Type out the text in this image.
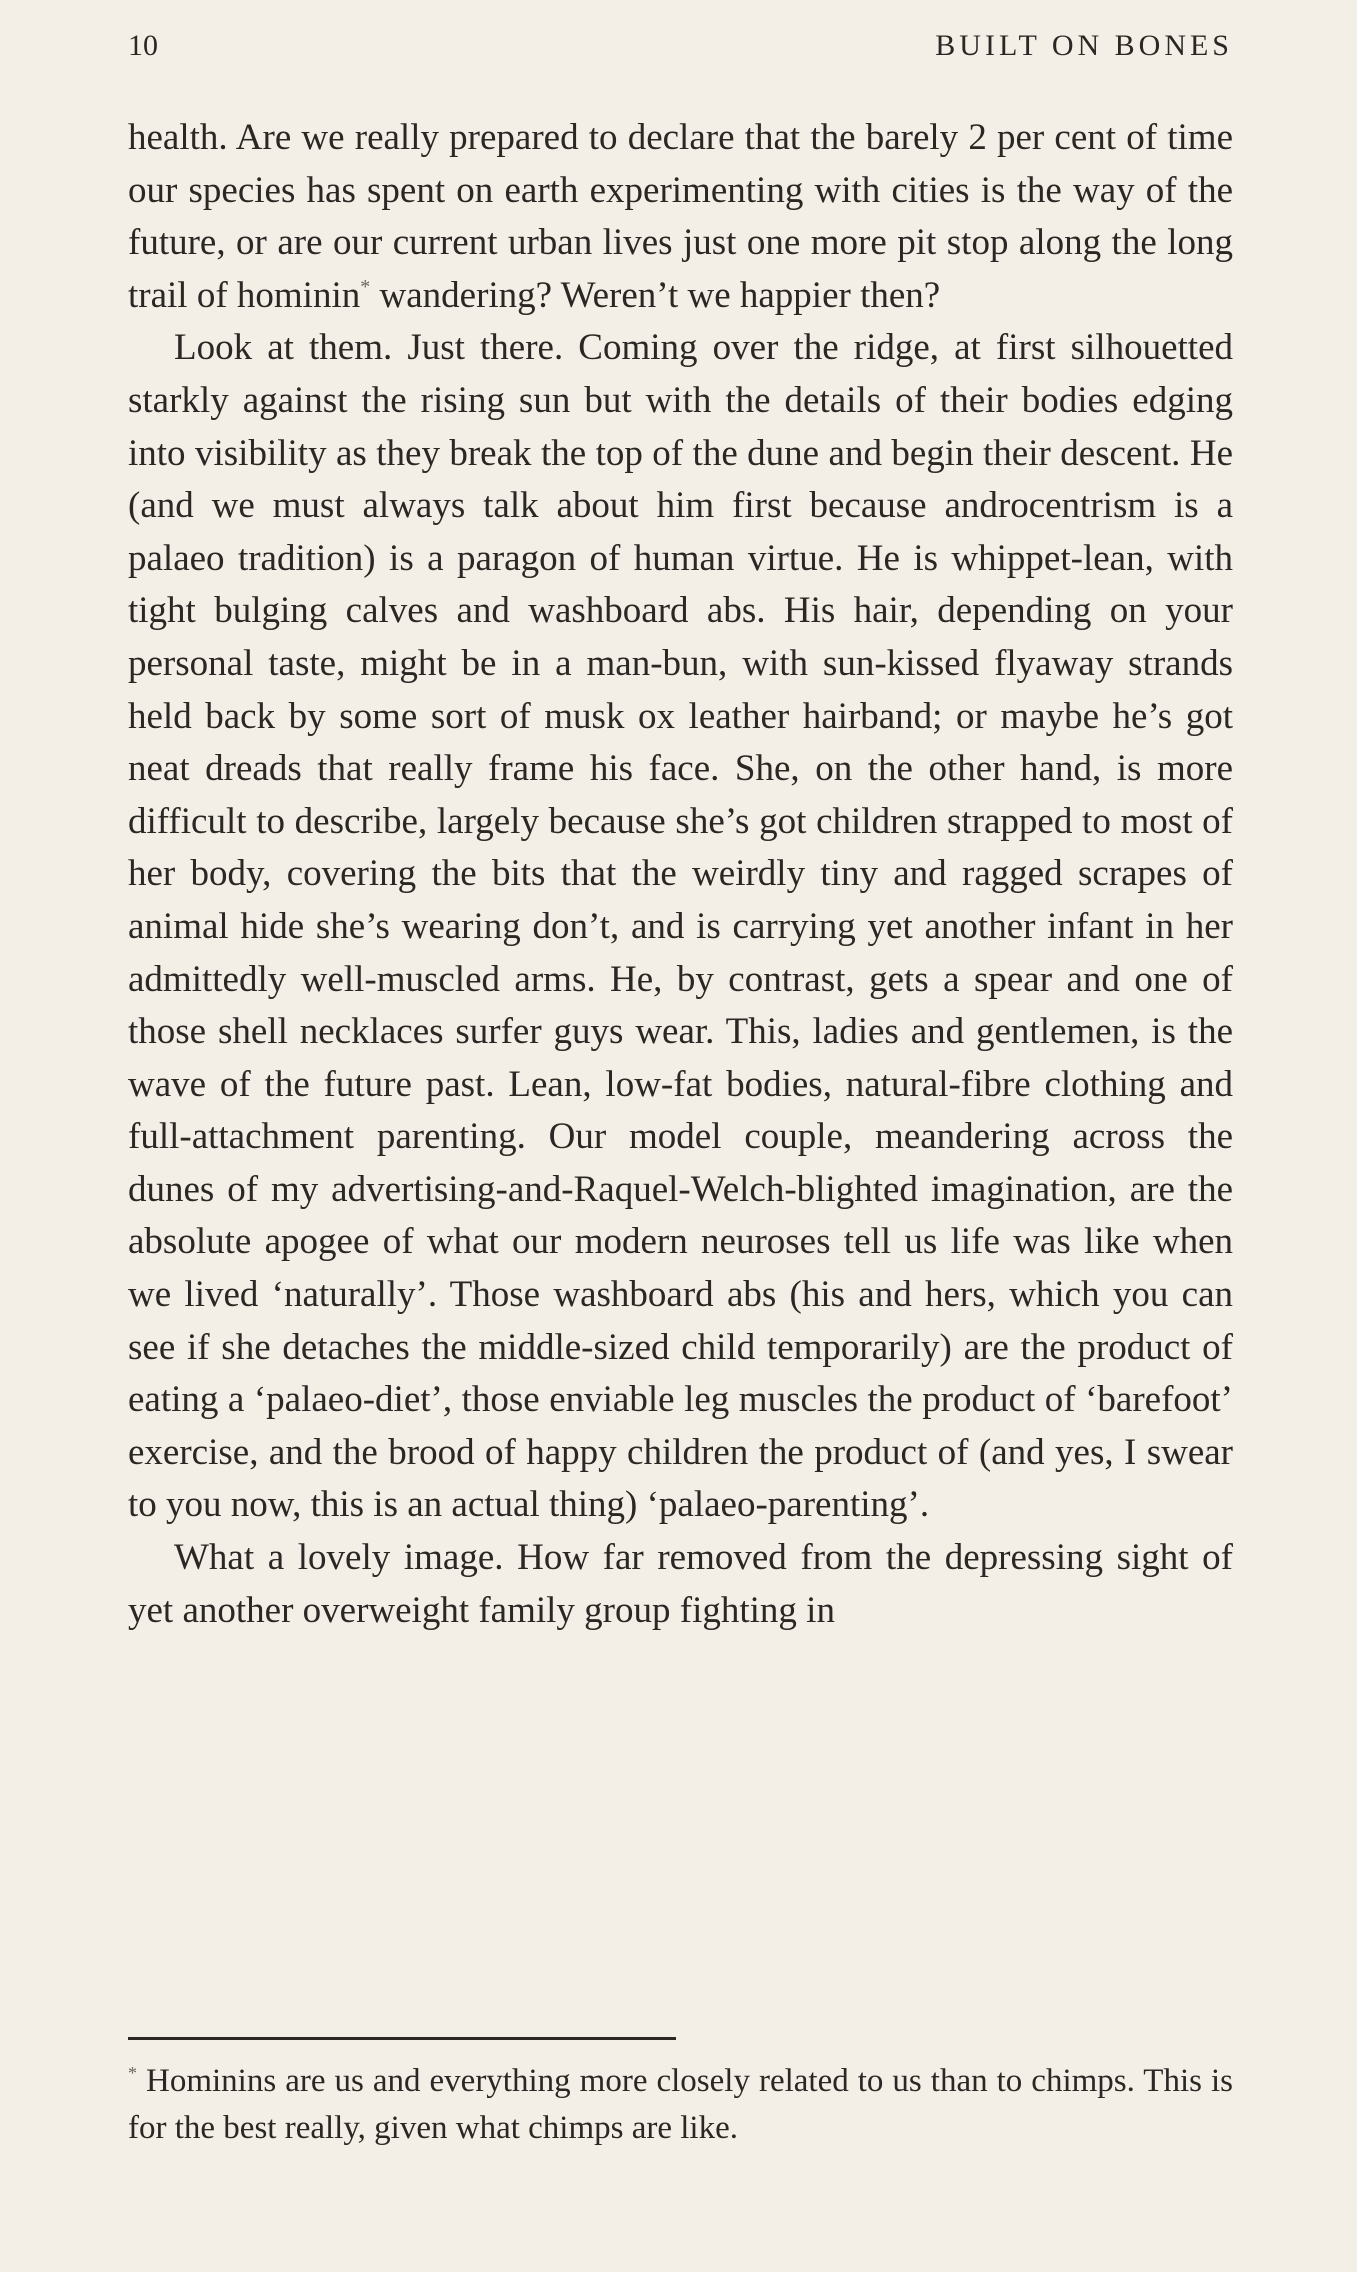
10	BUILT ON BONES

health. Are we really prepared to declare that the barely 2 per cent of time our species has spent on earth experimenting with cities is the way of the future, or are our current urban lives just one more pit stop along the long trail of hominin* wandering? Weren’t we happier then?

Look at them. Just there. Coming over the ridge, at first silhouetted starkly against the rising sun but with the details of their bodies edging into visibility as they break the top of the dune and begin their descent. He (and we must always talk about him first because androcentrism is a palaeo tradition) is a paragon of human virtue. He is whippet-lean, with tight bulging calves and washboard abs. His hair, depending on your personal taste, might be in a man-bun, with sun-kissed flyaway strands held back by some sort of musk ox leather hairband; or maybe he’s got neat dreads that really frame his face. She, on the other hand, is more difficult to describe, largely because she’s got children strapped to most of her body, covering the bits that the weirdly tiny and ragged scrapes of animal hide she’s wearing don’t, and is carrying yet another infant in her admittedly well-muscled arms. He, by contrast, gets a spear and one of those shell necklaces surfer guys wear. This, ladies and gentlemen, is the wave of the future past. Lean, low-fat bodies, natural-fibre clothing and full-attachment parenting. Our model couple, meandering across the dunes of my advertising-and-Raquel-Welch-blighted imagination, are the absolute apogee of what our modern neuroses tell us life was like when we lived ‘naturally’. Those washboard abs (his and hers, which you can see if she detaches the middle-sized child temporarily) are the product of eating a ‘palaeo-diet’, those enviable leg muscles the product of ‘barefoot’ exercise, and the brood of happy children the product of (and yes, I swear to you now, this is an actual thing) ‘palaeo-parenting’.

What a lovely image. How far removed from the depressing sight of yet another overweight family group fighting in

* Hominins are us and everything more closely related to us than to chimps. This is for the best really, given what chimps are like.
